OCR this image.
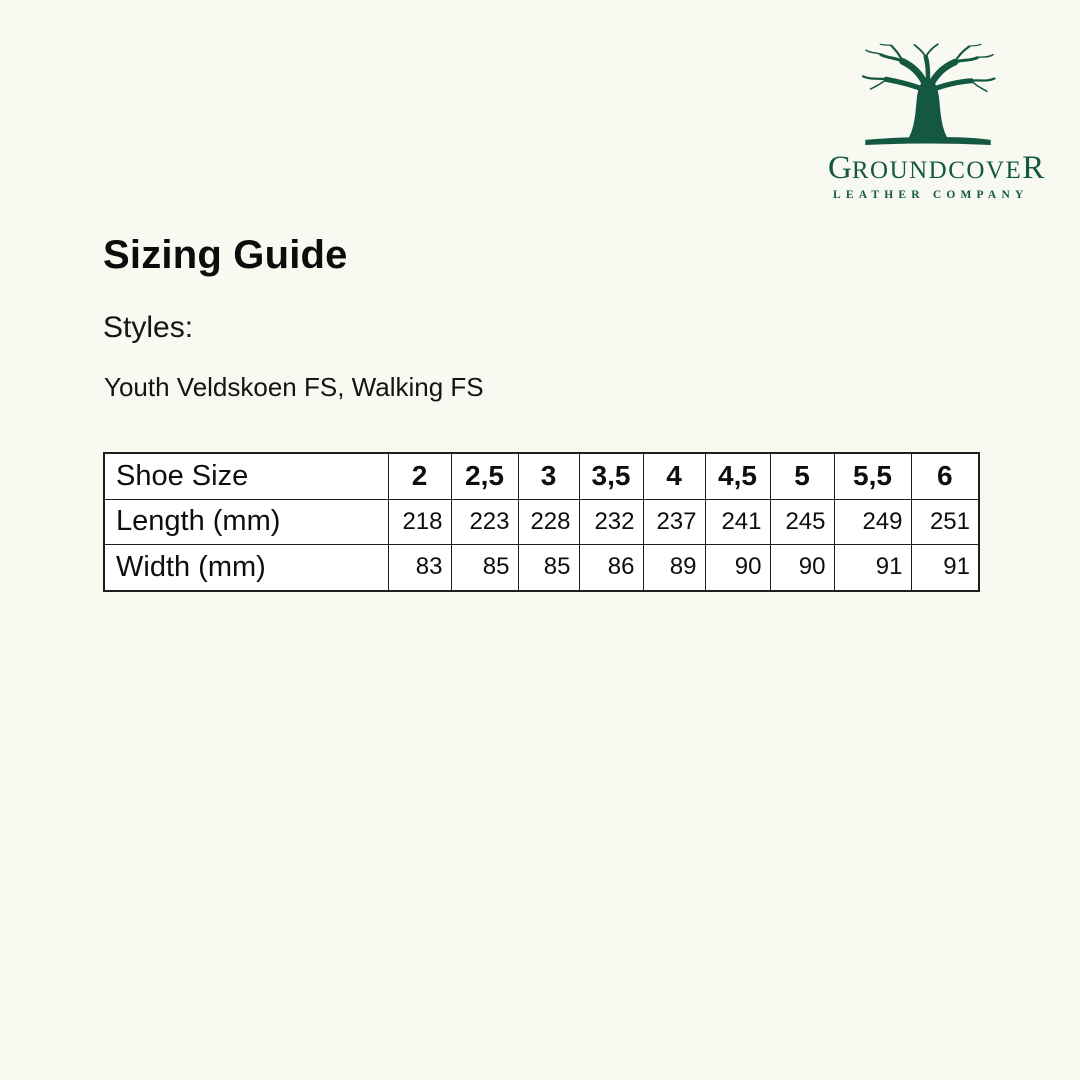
GROUNDCOVER
LEATHER COMPANY
Sizing Guide
Styles:
Youth Veldskoen FS, Walking FS
Shoe Size	2	2,5	3	3,5	4	4,5	5	5,5	6
Length (mm)	218	223	228	232	237	241	245	249	251
Width (mm)	83	85	85	86	89	90	90	91	91
